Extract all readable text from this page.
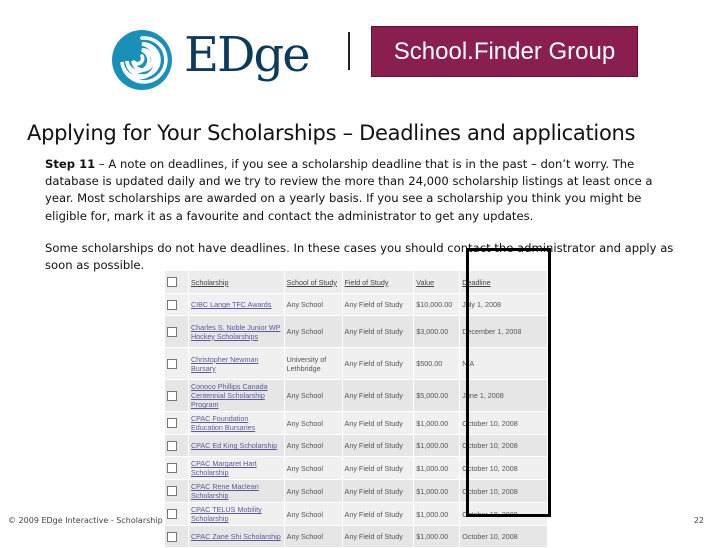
EDge	School.Finder Group
Applying for Your Scholarships – Deadlines and applications
Step 11 – A note on deadlines, if you see a scholarship deadline that is in the past – don’t worry. The database is updated daily and we try to review the more than 24,000 scholarship listings at least once a year. Most scholarships are awarded on a yearly basis. If you see a scholarship you think you might be eligible for, mark it as a favourite and contact the administrator to get any updates.
Some scholarships do not have deadlines. In these cases you should contact the administrator and apply as soon as possible.
	Scholarship	School of Study	Field of Study	Value	Deadline
	CIBC Lange TFC Awards	Any School	Any Field of Study	$10,000.00	July 1, 2008
	Charles S. Noble Junior WP Hockey Scholarships	Any School	Any Field of Study	$3,000.00	December 1, 2008
	Christopher Newman Bursary	University of Lethbridge	Any Field of Study	$500.00	N/A
	Conoco Phillips Canada Centennial Scholarship Program	Any School	Any Field of Study	$5,000.00	June 1, 2008
	CPAC Foundation Education Bursaries	Any School	Any Field of Study	$1,000.00	October 10, 2008
	CPAC Ed King Scholarship	Any School	Any Field of Study	$1,000.00	October 10, 2008
	CPAC Margaret Hart Scholarship	Any School	Any Field of Study	$1,000.00	October 10, 2008
	CPAC Rene Maclean Scholarship	Any School	Any Field of Study	$1,000.00	October 10, 2008
	CPAC TELUS Mobility Scholarship	Any School	Any Field of Study	$1,000.00	October 10, 2008
	CPAC Zane Shi Scholarship	Any School	Any Field of Study	$1,000.00	October 10, 2008
© 2009 EDge Interactive - Scholarship	22
